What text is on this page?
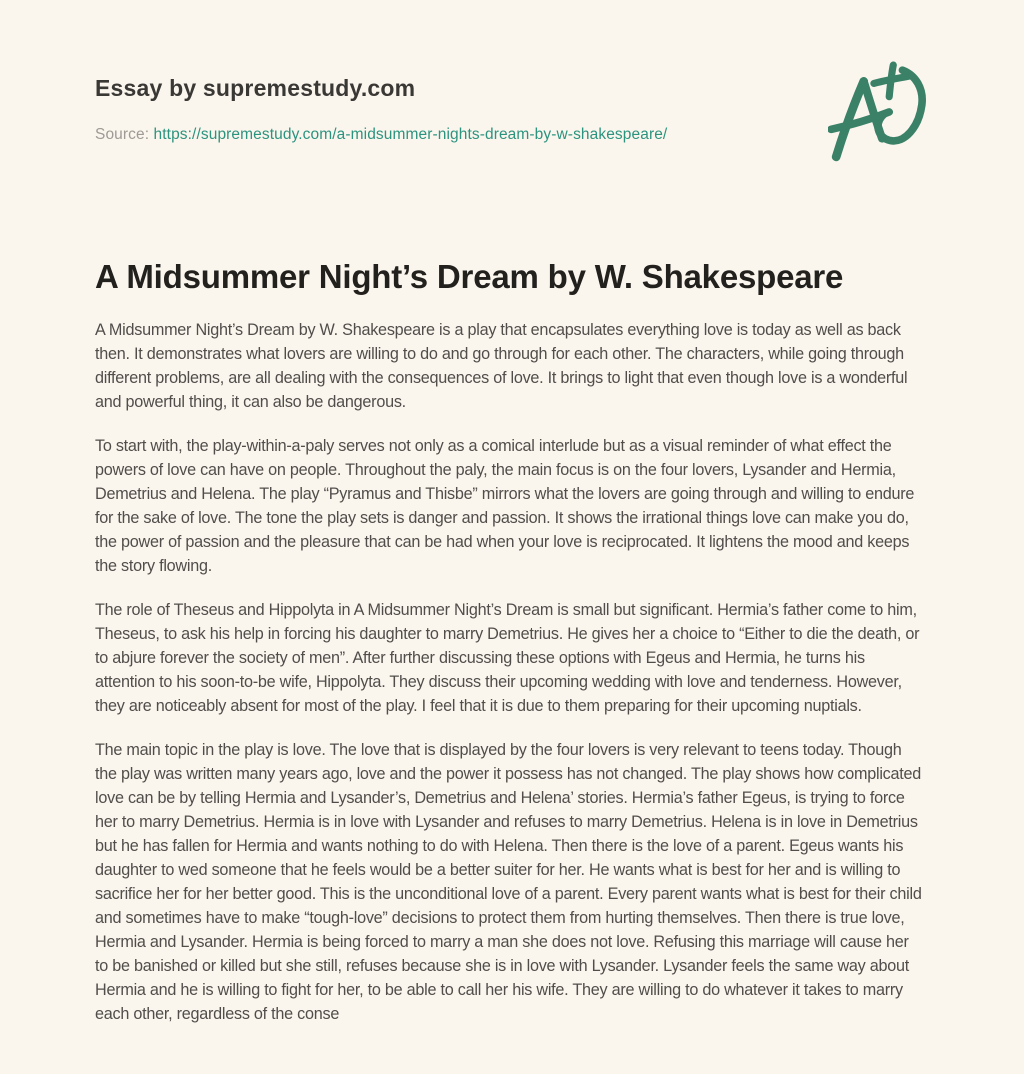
Essay by supremestudy.com

Source: https://supremestudy.com/a-midsummer-nights-dream-by-w-shakespeare/

A Midsummer Night’s Dream by W. Shakespeare

A Midsummer Night’s Dream by W. Shakespeare is a play that encapsulates everything love is today as well as back then. It demonstrates what lovers are willing to do and go through for each other. The characters, while going through different problems, are all dealing with the consequences of love. It brings to light that even though love is a wonderful and powerful thing, it can also be dangerous.

To start with, the play-within-a-paly serves not only as a comical interlude but as a visual reminder of what effect the powers of love can have on people. Throughout the paly, the main focus is on the four lovers, Lysander and Hermia, Demetrius and Helena. The play “Pyramus and Thisbe” mirrors what the lovers are going through and willing to endure for the sake of love. The tone the play sets is danger and passion. It shows the irrational things love can make you do, the power of passion and the pleasure that can be had when your love is reciprocated. It lightens the mood and keeps the story flowing.

The role of Theseus and Hippolyta in A Midsummer Night’s Dream is small but significant. Hermia’s father come to him, Theseus, to ask his help in forcing his daughter to marry Demetrius. He gives her a choice to “Either to die the death, or to abjure forever the society of men”. After further discussing these options with Egeus and Hermia, he turns his attention to his soon-to-be wife, Hippolyta. They discuss their upcoming wedding with love and tenderness. However, they are noticeably absent for most of the play. I feel that it is due to them preparing for their upcoming nuptials.

The main topic in the play is love. The love that is displayed by the four lovers is very relevant to teens today. Though the play was written many years ago, love and the power it possess has not changed. The play shows how complicated love can be by telling Hermia and Lysander’s, Demetrius and Helena’ stories. Hermia’s father Egeus, is trying to force her to marry Demetrius. Hermia is in love with Lysander and refuses to marry Demetrius. Helena is in love in Demetrius but he has fallen for Hermia and wants nothing to do with Helena. Then there is the love of a parent. Egeus wants his daughter to wed someone that he feels would be a better suiter for her. He wants what is best for her and is willing to sacrifice her for her better good. This is the unconditional love of a parent. Every parent wants what is best for their child and sometimes have to make “tough-love” decisions to protect them from hurting themselves. Then there is true love, Hermia and Lysander. Hermia is being forced to marry a man she does not love. Refusing this marriage will cause her to be banished or killed but she still, refuses because she is in love with Lysander. Lysander feels the same way about Hermia and he is willing to fight for her, to be able to call her his wife. They are willing to do whatever it takes to marry each other, regardless of the conse
